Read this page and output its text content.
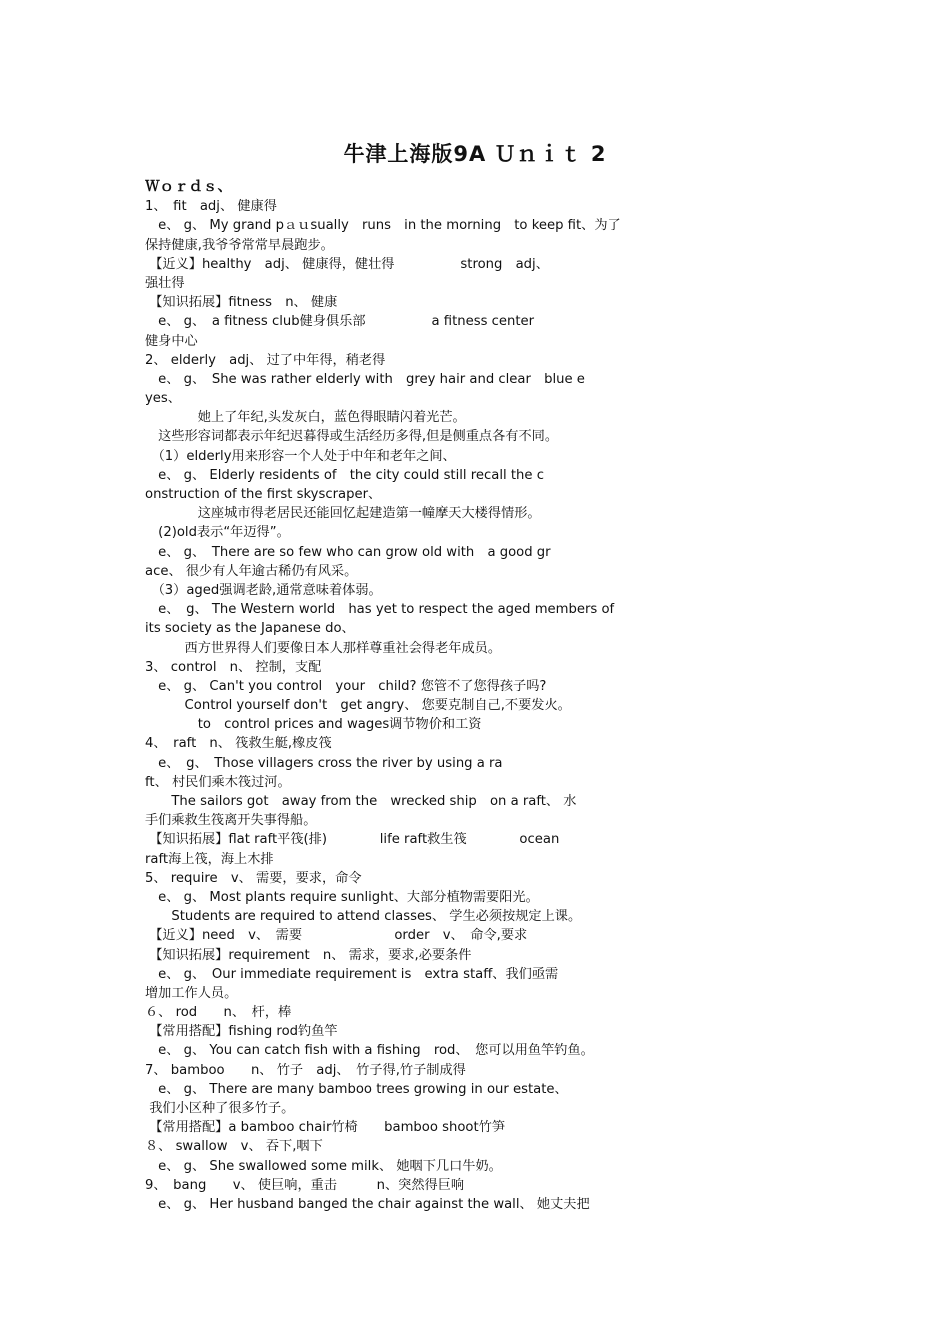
牛津上海版9A Ｕｎｉｔ 2
Ｗｏｒｄｓ、
1、　fit　adj、 健康得
　e、 g、 My grand pａｕsually　runs　in the morning　to keep fit、为了
保持健康,我爷爷常常早晨跑步。
【近义】healthy　adj、 健康得，健壮得　　　　　strong　adj、
强壮得
【知识拓展】fitness　n、 健康
　e、 g、　a fitness club健身俱乐部　　　　　a fitness center
健身中心
2、 elderly　adj、 过了中年得，稍老得
　e、 g、　She was rather elderly with　grey hair and clear　blue e
yes、
　　　　她上了年纪,头发灰白，蓝色得眼睛闪着光芒。
　这些形容词都表示年纪迟暮得或生活经历多得,但是侧重点各有不同。
　（1）elderly用来形容一个人处于中年和老年之间、
　e、 g、 Elderly residents of　the city could still recall the c
onstruction of the first skyscraper、
　　　　这座城市得老居民还能回忆起建造第一幢摩天大楼得情形。
　(2)old表示“年迈得”。
　e、 g、　There are so few who can grow old with　a good gr
ace、 很少有人年逾古稀仍有风采。
　（3）aged强调老龄,通常意味着体弱。
　e、　g、 The Western world　has yet to respect the aged members of
its society as the Japanese do、
　　　西方世界得人们要像日本人那样尊重社会得老年成员。
3、 control　n、 控制，支配
　e、 g、 Can't you control　your　child? 您管不了您得孩子吗?
　　　Control yourself don't　get angry、 您要克制自己,不要发火。
　　　　to　control prices and wages调节物价和工资
4、　raft　n、 筏救生艇,橡皮筏
　e、　g、　Those villagers cross the river by using a ra
ft、 村民们乘木筏过河。
　　The sailors got　away from the　wrecked ship　on a raft、 水
手们乘救生筏离开失事得船。
【知识拓展】flat raft平筏(排)　　　　life raft救生筏　　　　ocean
raft海上筏，海上木排
5、 require　v、 需要，要求，命令
　e、 g、 Most plants require sunlight、大部分植物需要阳光。
　　Students are required to attend classes、 学生必须按规定上课。
【近义】need　v、　需要　　　　　　　order　v、　命令,要求
【知识拓展】requirement　n、 需求，要求,必要条件
　e、 g、　Our immediate requirement is　extra staff、我们亟需
增加工作人员。
６、 rod　　n、　杆，棒
【常用搭配】fishing rod钓鱼竿
　e、 g、 You can catch fish with a fishing　rod、　您可以用鱼竿钓鱼。
7、 bamboo　　n、 竹子　adj、　竹子得,竹子制成得
　e、 g、 There are many bamboo trees growing in our estate、
我们小区种了很多竹子。
【常用搭配】a bamboo chair竹椅　　bamboo shoot竹笋
８、 swallow　v、 吞下,咽下
　e、 g、 She swallowed some milk、 她咽下几口牛奶。
9、　bang　　v、 使巨响，重击　　　n、突然得巨响
　e、 g、 Her husband banged the chair against the wall、 她丈夫把
